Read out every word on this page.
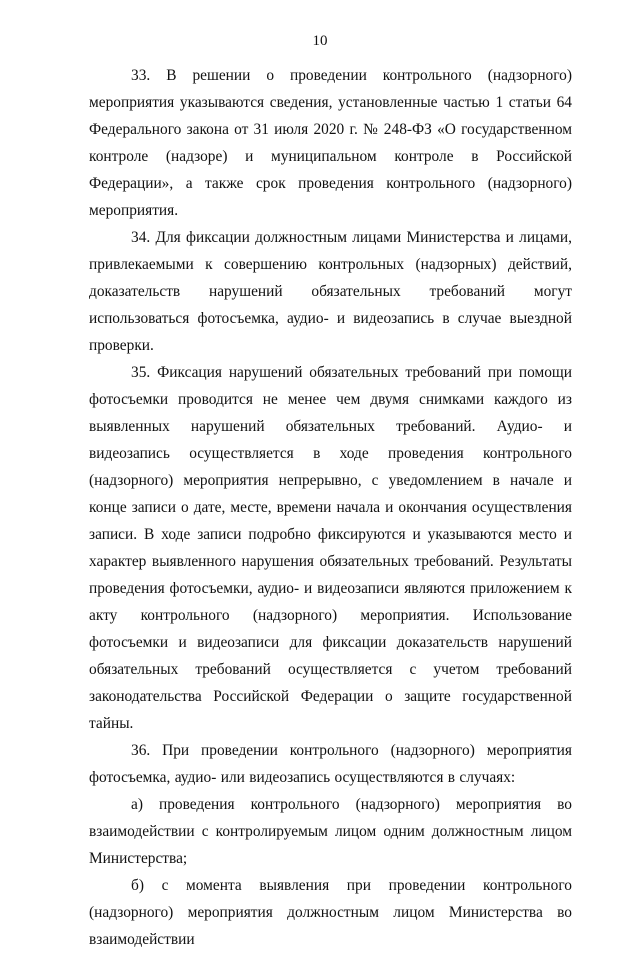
10

33. В решении о проведении контрольного (надзорного) мероприятия указываются сведения, установленные частью 1 статьи 64 Федерального закона от 31 июля 2020 г. № 248-ФЗ «О государственном контроле (надзоре) и муниципальном контроле в Российской Федерации», а также срок проведения контрольного (надзорного) мероприятия.

34. Для фиксации должностным лицами Министерства и лицами, привлекаемыми к совершению контрольных (надзорных) действий, доказательств нарушений обязательных требований могут использоваться фотосъемка, аудио- и видеозапись в случае выездной проверки.

35. Фиксация нарушений обязательных требований при помощи фотосъемки проводится не менее чем двумя снимками каждого из выявленных нарушений обязательных требований. Аудио- и видеозапись осуществляется в ходе проведения контрольного (надзорного) мероприятия непрерывно, с уведомлением в начале и конце записи о дате, месте, времени начала и окончания осуществления записи. В ходе записи подробно фиксируются и указываются место и характер выявленного нарушения обязательных требований. Результаты проведения фотосъемки, аудио- и видеозаписи являются приложением к акту контрольного (надзорного) мероприятия. Использование фотосъемки и видеозаписи для фиксации доказательств нарушений обязательных требований осуществляется с учетом требований законодательства Российской Федерации о защите государственной тайны.

36. При проведении контрольного (надзорного) мероприятия фотосъемка, аудио- или видеозапись осуществляются в случаях:

а) проведения контрольного (надзорного) мероприятия во взаимодействии с контролируемым лицом одним должностным лицом Министерства;

б) с момента выявления при проведении контрольного (надзорного) мероприятия должностным лицом Министерства во взаимодействии
